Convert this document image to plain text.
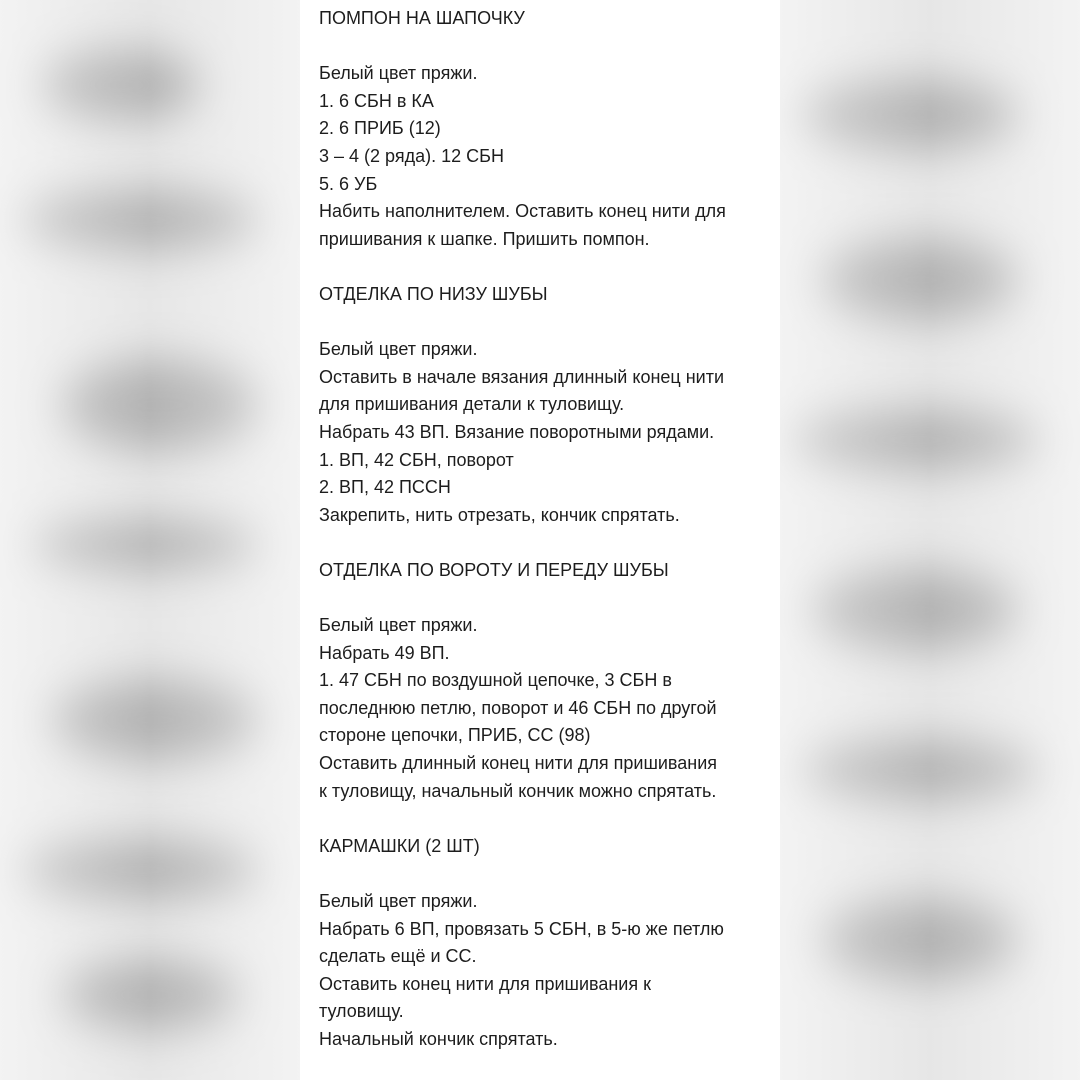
ПОМПОН НА ШАПОЧКУ
Белый цвет пряжи.
1. 6 СБН в КА
2. 6 ПРИБ (12)
3 – 4 (2 ряда). 12 СБН
5. 6 УБ
Набить наполнителем. Оставить конец нити для
пришивания к шапке. Пришить помпон.
ОТДЕЛКА ПО НИЗУ ШУБЫ
Белый цвет пряжи.
Оставить в начале вязания длинный конец нити
для пришивания детали к туловищу.
Набрать 43 ВП. Вязание поворотными рядами.
1. ВП, 42 СБН, поворот
2. ВП, 42 ПССН
Закрепить, нить отрезать, кончик спрятать.
ОТДЕЛКА ПО ВОРОТУ И ПЕРЕДУ ШУБЫ
Белый цвет пряжи.
Набрать 49 ВП.
1. 47 СБН по воздушной цепочке, 3 СБН в
последнюю петлю, поворот и 46 СБН по другой
стороне цепочки, ПРИБ, СС (98)
Оставить длинный конец нити для пришивания
к туловищу, начальный кончик можно спрятать.
КАРМАШКИ (2 ШТ)
Белый цвет пряжи.
Набрать 6 ВП, провязать 5 СБН, в 5-ю же петлю
сделать ещё и СС.
Оставить конец нити для пришивания к
туловищу.
Начальный кончик спрятать.
